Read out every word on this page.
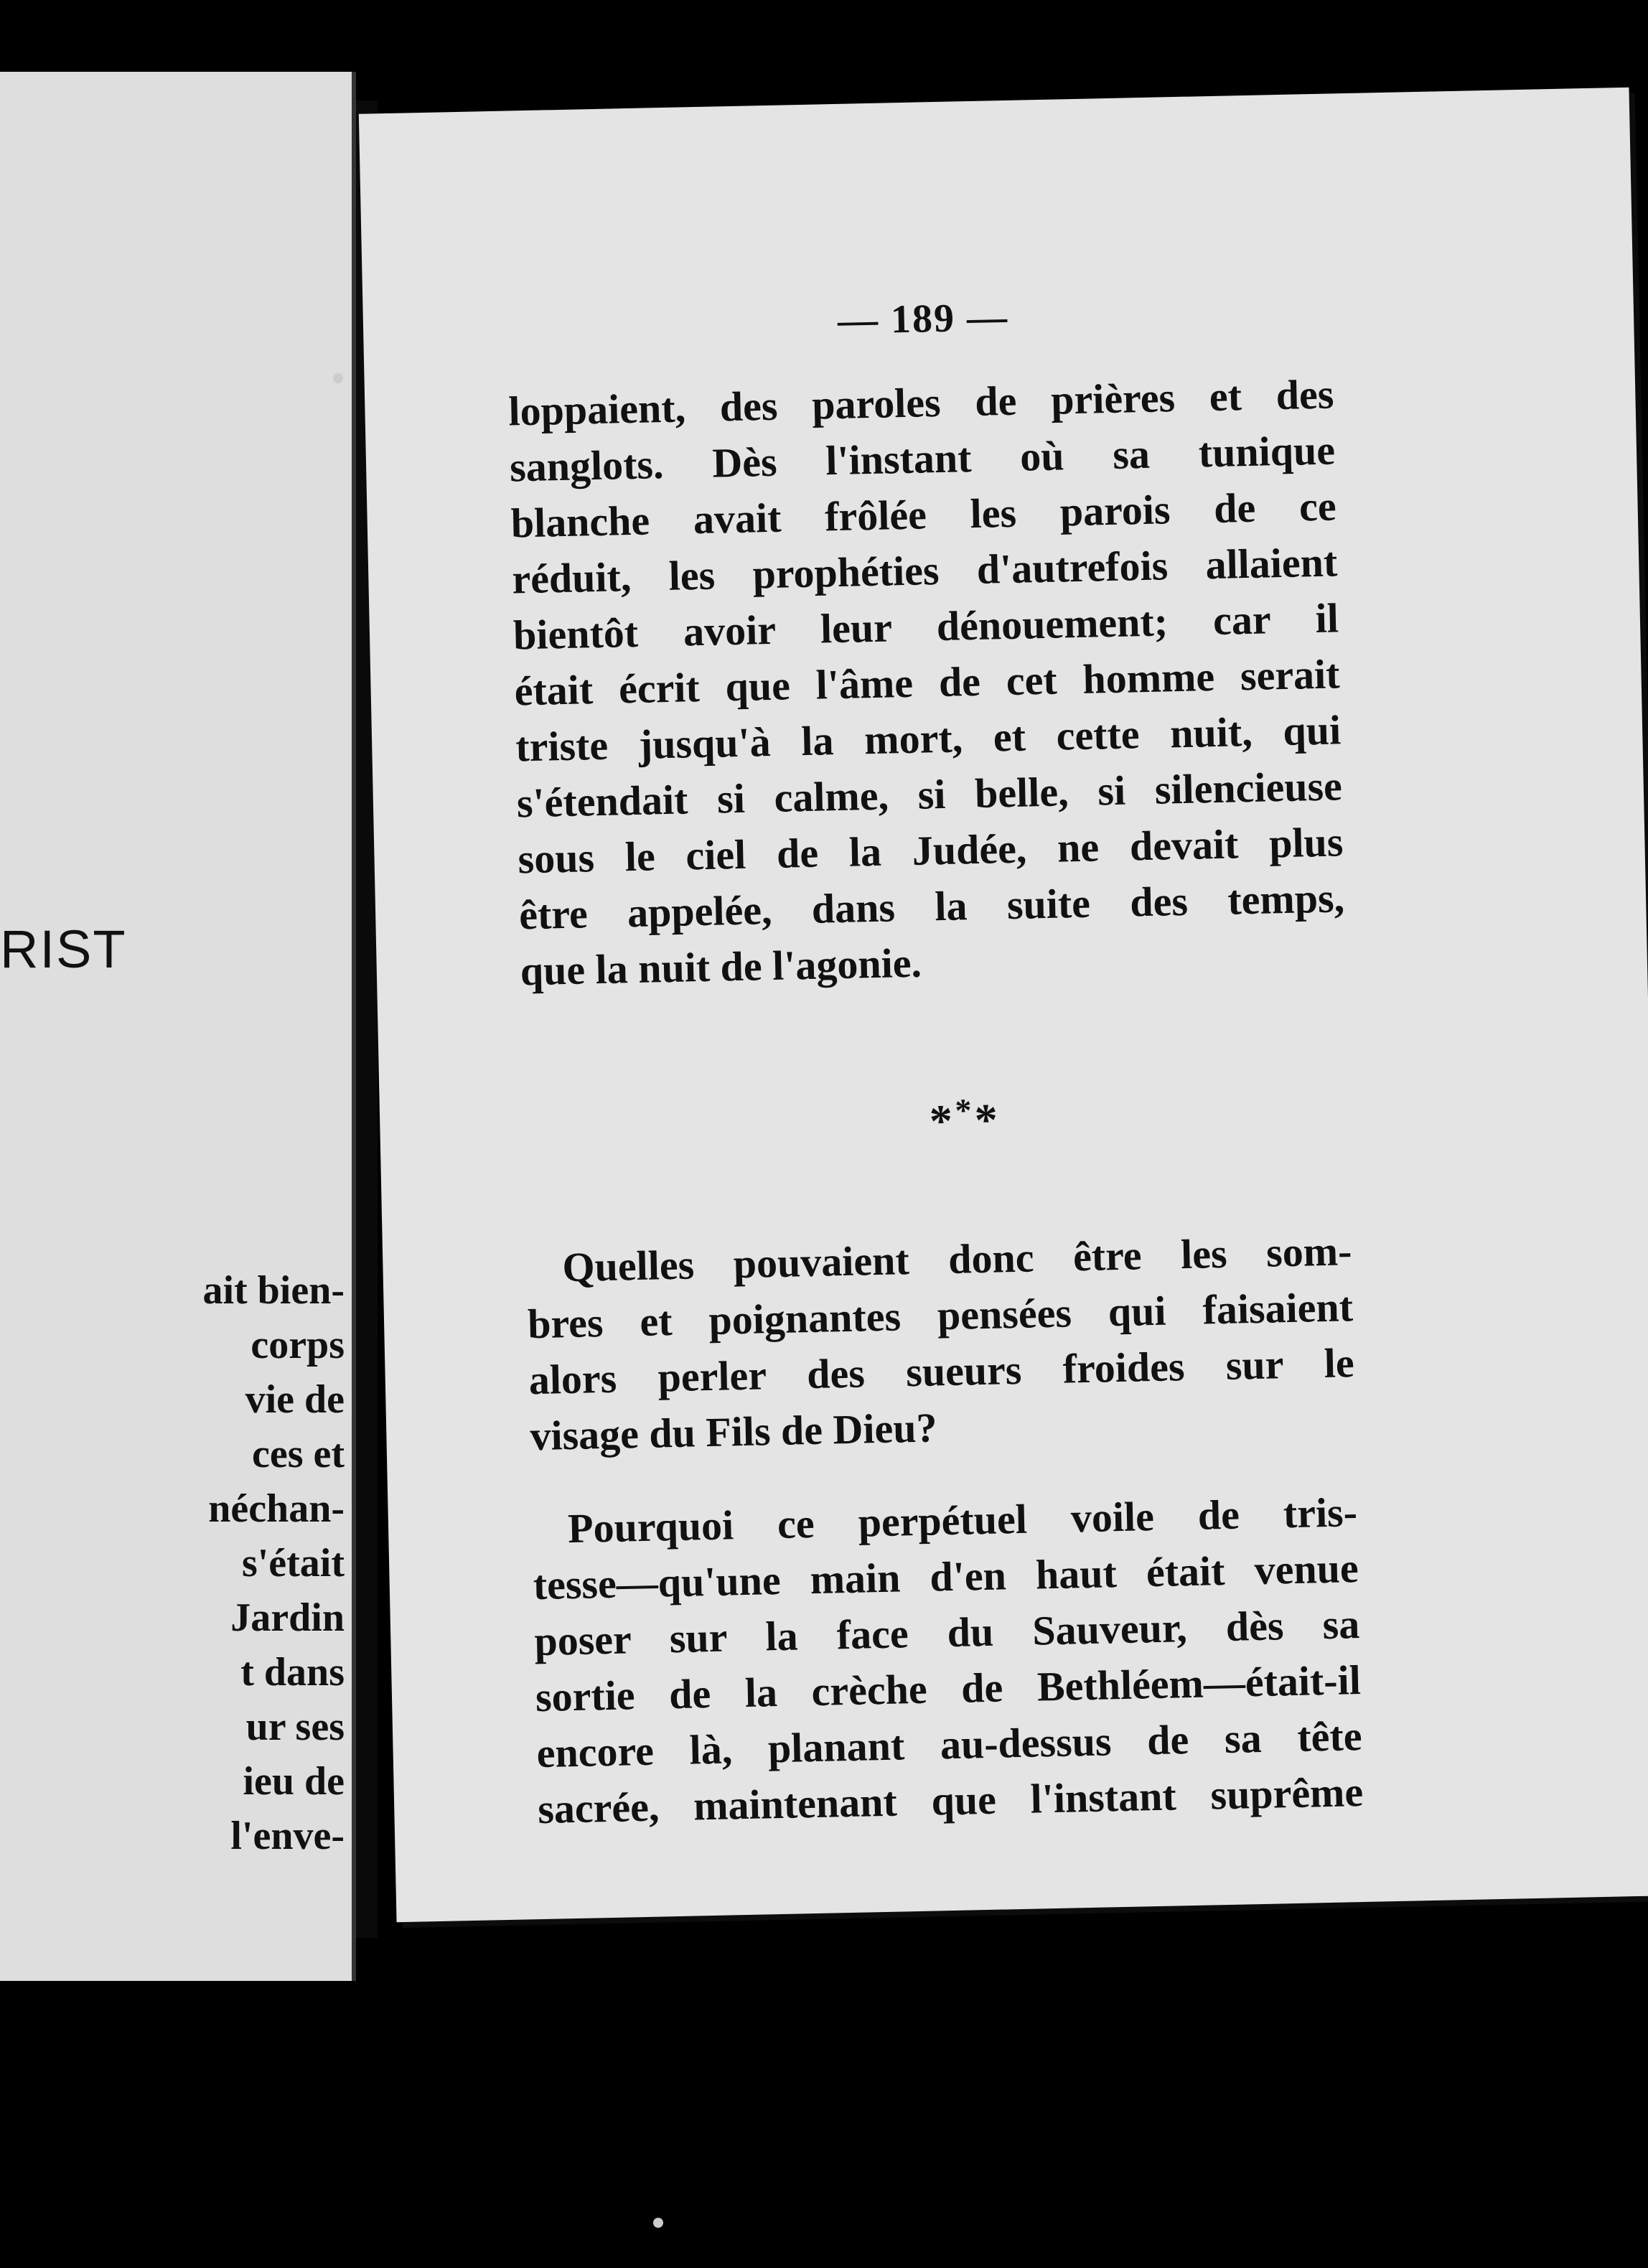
RIST
ait bien-
corps
vie de
ces et
néchan-
s'était
Jardin
t dans
ur ses
ieu de
l'enve-
— 189 —
loppaient, des paroles de prières et des
sanglots. Dès l'instant où sa tunique
blanche avait frôlée les parois de ce
réduit, les prophéties d'autrefois allaient
bientôt avoir leur dénouement; car il
était écrit que l'âme de cet homme serait
triste jusqu'à la mort, et cette nuit, qui
s'étendait si calme, si belle, si silencieuse
sous le ciel de la Judée, ne devait plus
être appelée, dans la suite des temps,
que la nuit de l'agonie.
***
Quelles pouvaient donc être les som-
bres et poignantes pensées qui faisaient
alors perler des sueurs froides sur le
visage du Fils de Dieu?
Pourquoi ce perpétuel voile de tris-
tesse—qu'une main d'en haut était venue
poser sur la face du Sauveur, dès sa
sortie de la crèche de Bethléem—était-il
encore là, planant au-dessus de sa tête
sacrée, maintenant que l'instant suprême
